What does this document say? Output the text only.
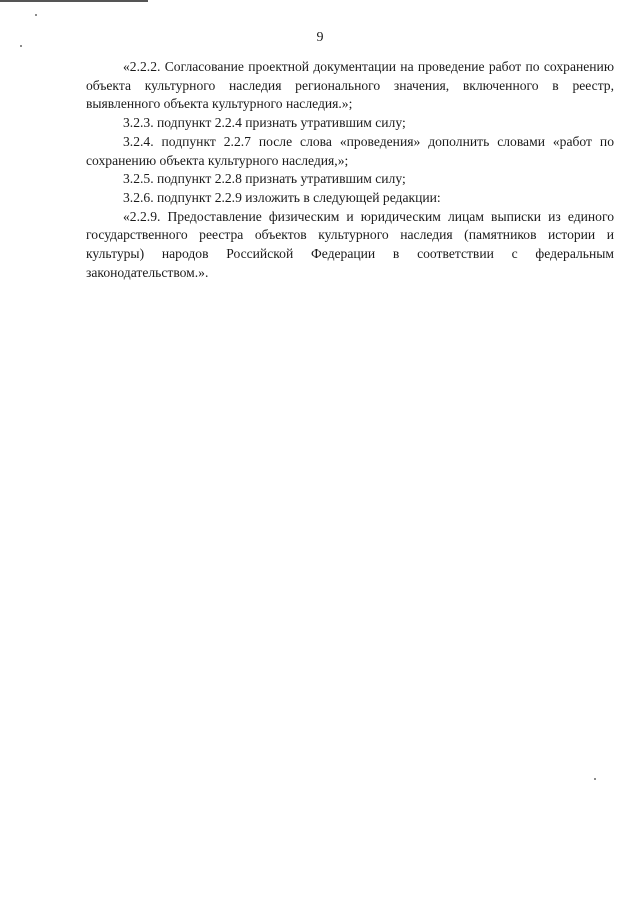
9

«2.2.2. Согласование проектной документации на проведение работ по сохранению объекта культурного наследия регионального значения, включенного в реестр, выявленного объекта культурного наследия.»;

3.2.3. подпункт 2.2.4 признать утратившим силу;

3.2.4. подпункт 2.2.7 после слова «проведения» дополнить словами «работ по сохранению объекта культурного наследия,»;

3.2.5. подпункт 2.2.8 признать утратившим силу;

3.2.6. подпункт 2.2.9 изложить в следующей редакции:

«2.2.9. Предоставление физическим и юридическим лицам выписки из единого государственного реестра объектов культурного наследия (памятников истории и культуры) народов Российской Федерации в соответствии с федеральным законодательством.».
